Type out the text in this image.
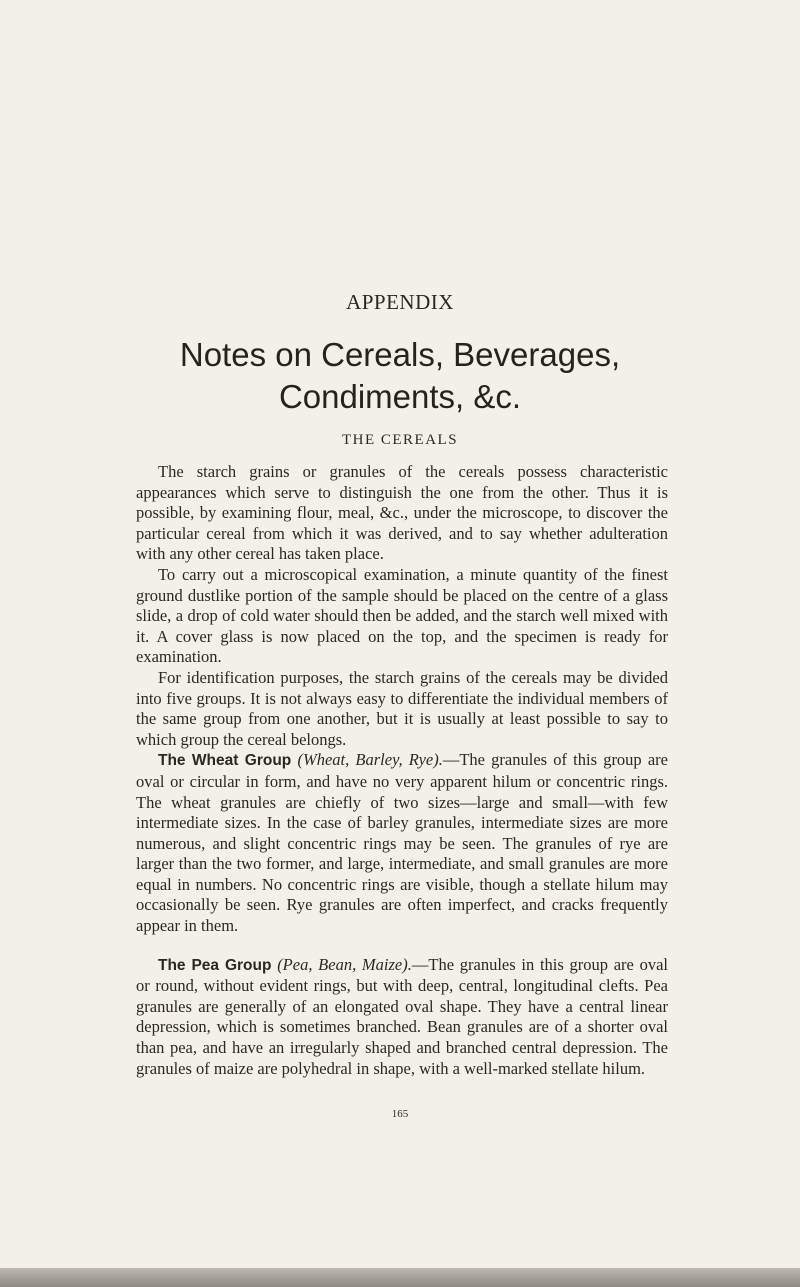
APPENDIX
Notes on Cereals, Beverages,
Condiments, &c.
THE CEREALS

The starch grains or granules of the cereals possess characteristic appearances which serve to distinguish the one from the other. Thus it is possible, by examining flour, meal, &c., under the microscope, to discover the particular cereal from which it was derived, and to say whether adulteration with any other cereal has taken place.

To carry out a microscopical examination, a minute quantity of the finest ground dustlike portion of the sample should be placed on the centre of a glass slide, a drop of cold water should then be added, and the starch well mixed with it. A cover glass is now placed on the top, and the specimen is ready for examination.

For identification purposes, the starch grains of the cereals may be divided into five groups. It is not always easy to differentiate the individual members of the same group from one another, but it is usually at least possible to say to which group the cereal belongs.

The Wheat Group (Wheat, Barley, Rye).—The granules of this group are oval or circular in form, and have no very apparent hilum or concentric rings. The wheat granules are chiefly of two sizes—large and small—with few intermediate sizes. In the case of barley granules, intermediate sizes are more numerous, and slight concentric rings may be seen. The granules of rye are larger than the two former, and large, intermediate, and small granules are more equal in numbers. No concentric rings are visible, though a stellate hilum may occasionally be seen. Rye granules are often imperfect, and cracks frequently appear in them.

The Pea Group (Pea, Bean, Maize).—The granules in this group are oval or round, without evident rings, but with deep, central, longitudinal clefts. Pea granules are generally of an elongated oval shape. They have a central linear depression, which is sometimes branched. Bean granules are of a shorter oval than pea, and have an irregularly shaped and branched central depression. The granules of maize are polyhedral in shape, with a well-marked stellate hilum.

165
